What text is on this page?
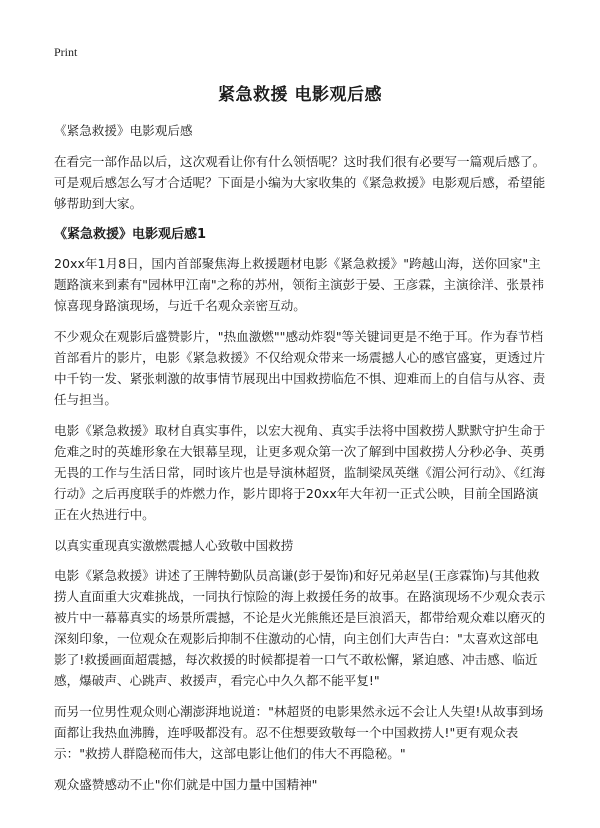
Print
紧急救援 电影观后感

《紧急救援》电影观后感

在看完一部作品以后，这次观看让你有什么领悟呢？这时我们很有必要写一篇观后感了。可是观后感怎么写才合适呢？下面是小编为大家收集的《紧急救援》电影观后感，希望能够帮助到大家。

《紧急救援》电影观后感1

20xx年1月8日，国内首部聚焦海上救援题材电影《紧急救援》"跨越山海，送你回家"主题路演来到素有"园林甲江南"之称的苏州，领衔主演彭于晏、王彦霖，主演徐洋、张景祎惊喜现身路演现场，与近千名观众亲密互动。

不少观众在观影后盛赞影片，"热血激燃""感动炸裂"等关键词更是不绝于耳。作为春节档首部看片的影片，电影《紧急救援》不仅给观众带来一场震撼人心的感官盛宴，更透过片中千钧一发、紧张刺激的故事情节展现出中国救捞临危不惧、迎难而上的自信与从容、责任与担当。

电影《紧急救援》取材自真实事件，以宏大视角、真实手法将中国救捞人默默守护生命于危难之时的英雄形象在大银幕呈现，让更多观众第一次了解到中国救捞人分秒必争、英勇无畏的工作与生活日常，同时该片也是导演林超贤，监制梁凤英继《湄公河行动》、《红海行动》之后再度联手的炸燃力作，影片即将于20xx年大年初一正式公映，目前全国路演正在火热进行中。

以真实重现真实激燃震撼人心致敬中国救捞

电影《紧急救援》讲述了王牌特勤队员高谦(彭于晏饰)和好兄弟赵呈(王彦霖饰)与其他救捞人直面重大灾难挑战，一同执行惊险的海上救援任务的故事。在路演现场不少观众表示被片中一幕幕真实的场景所震撼，不论是火光熊熊还是巨浪滔天，都带给观众难以磨灭的深刻印象，一位观众在观影后抑制不住激动的心情，向主创们大声告白："太喜欢这部电影了!救援画面超震撼，每次救援的时候都提着一口气不敢松懈，紧迫感、冲击感、临近感，爆破声、心跳声、救援声，看完心中久久都不能平复!"

而另一位男性观众则心潮澎湃地说道："林超贤的电影果然永远不会让人失望!从故事到场面都让我热血沸腾，连呼吸都没有。忍不住想要致敬每一个中国救捞人!"更有观众表示："救捞人群隐秘而伟大，这部电影让他们的伟大不再隐秘。"

观众盛赞感动不止"你们就是中国力量中国精神"
